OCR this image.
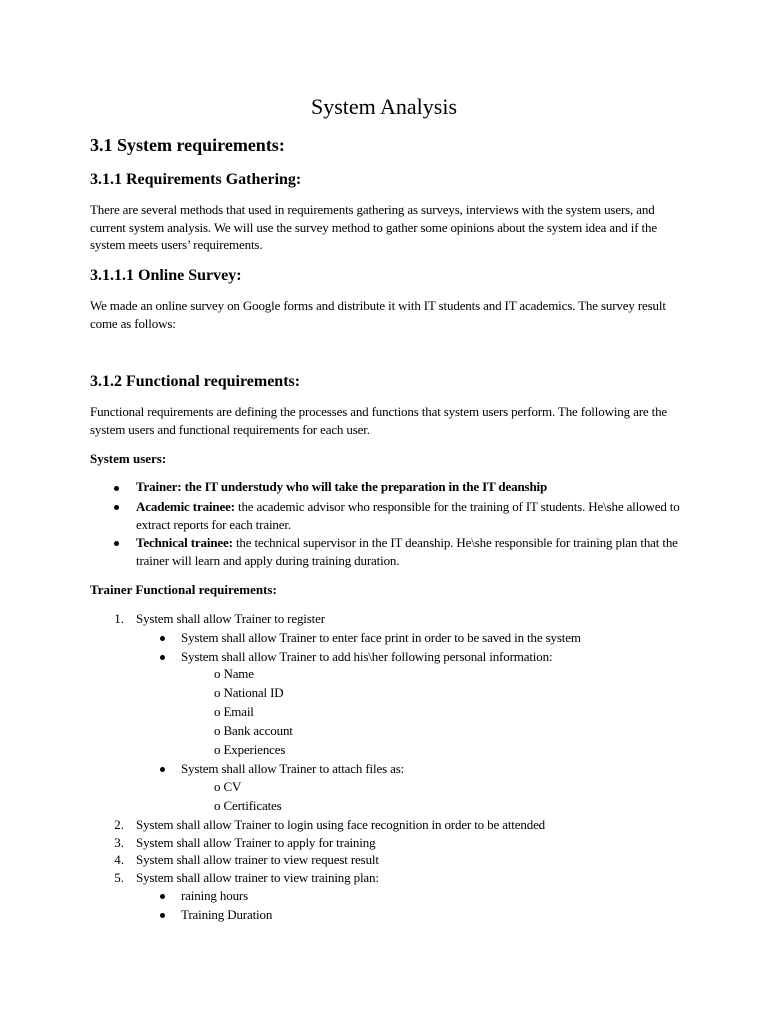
System Analysis
3.1 System requirements:
3.1.1 Requirements Gathering:
There are several methods that used in requirements gathering as surveys, interviews with the system users, and current system analysis. We will use the survey method to gather some opinions about the system idea and if the system meets users’ requirements.
3.1.1.1 Online Survey:
We made an online survey on Google forms and distribute it with IT students and IT academics. The survey result come as follows:
3.1.2 Functional requirements:
Functional requirements are defining the processes and functions that system users perform. The following are the system users and functional requirements for each user.
System users:
Trainer: the IT understudy who will take the preparation in the IT deanship
Academic trainee: the academic advisor who responsible for the training of IT students. He\she allowed to extract reports for each trainer.
Technical trainee: the technical supervisor in the IT deanship. He\she responsible for training plan that the trainer will learn and apply during training duration.
Trainer Functional requirements:
1. System shall allow Trainer to register
System shall allow Trainer to enter face print in order to be saved in the system
System shall allow Trainer to add his\her following personal information:
o Name
o National ID
o Email
o Bank account
o Experiences
System shall allow Trainer to attach files as:
o CV
o Certificates
2. System shall allow Trainer to login using face recognition in order to be attended
3. System shall allow Trainer to apply for training
4. System shall allow trainer to view request result
5. System shall allow trainer to view training plan:
raining hours
Training Duration
